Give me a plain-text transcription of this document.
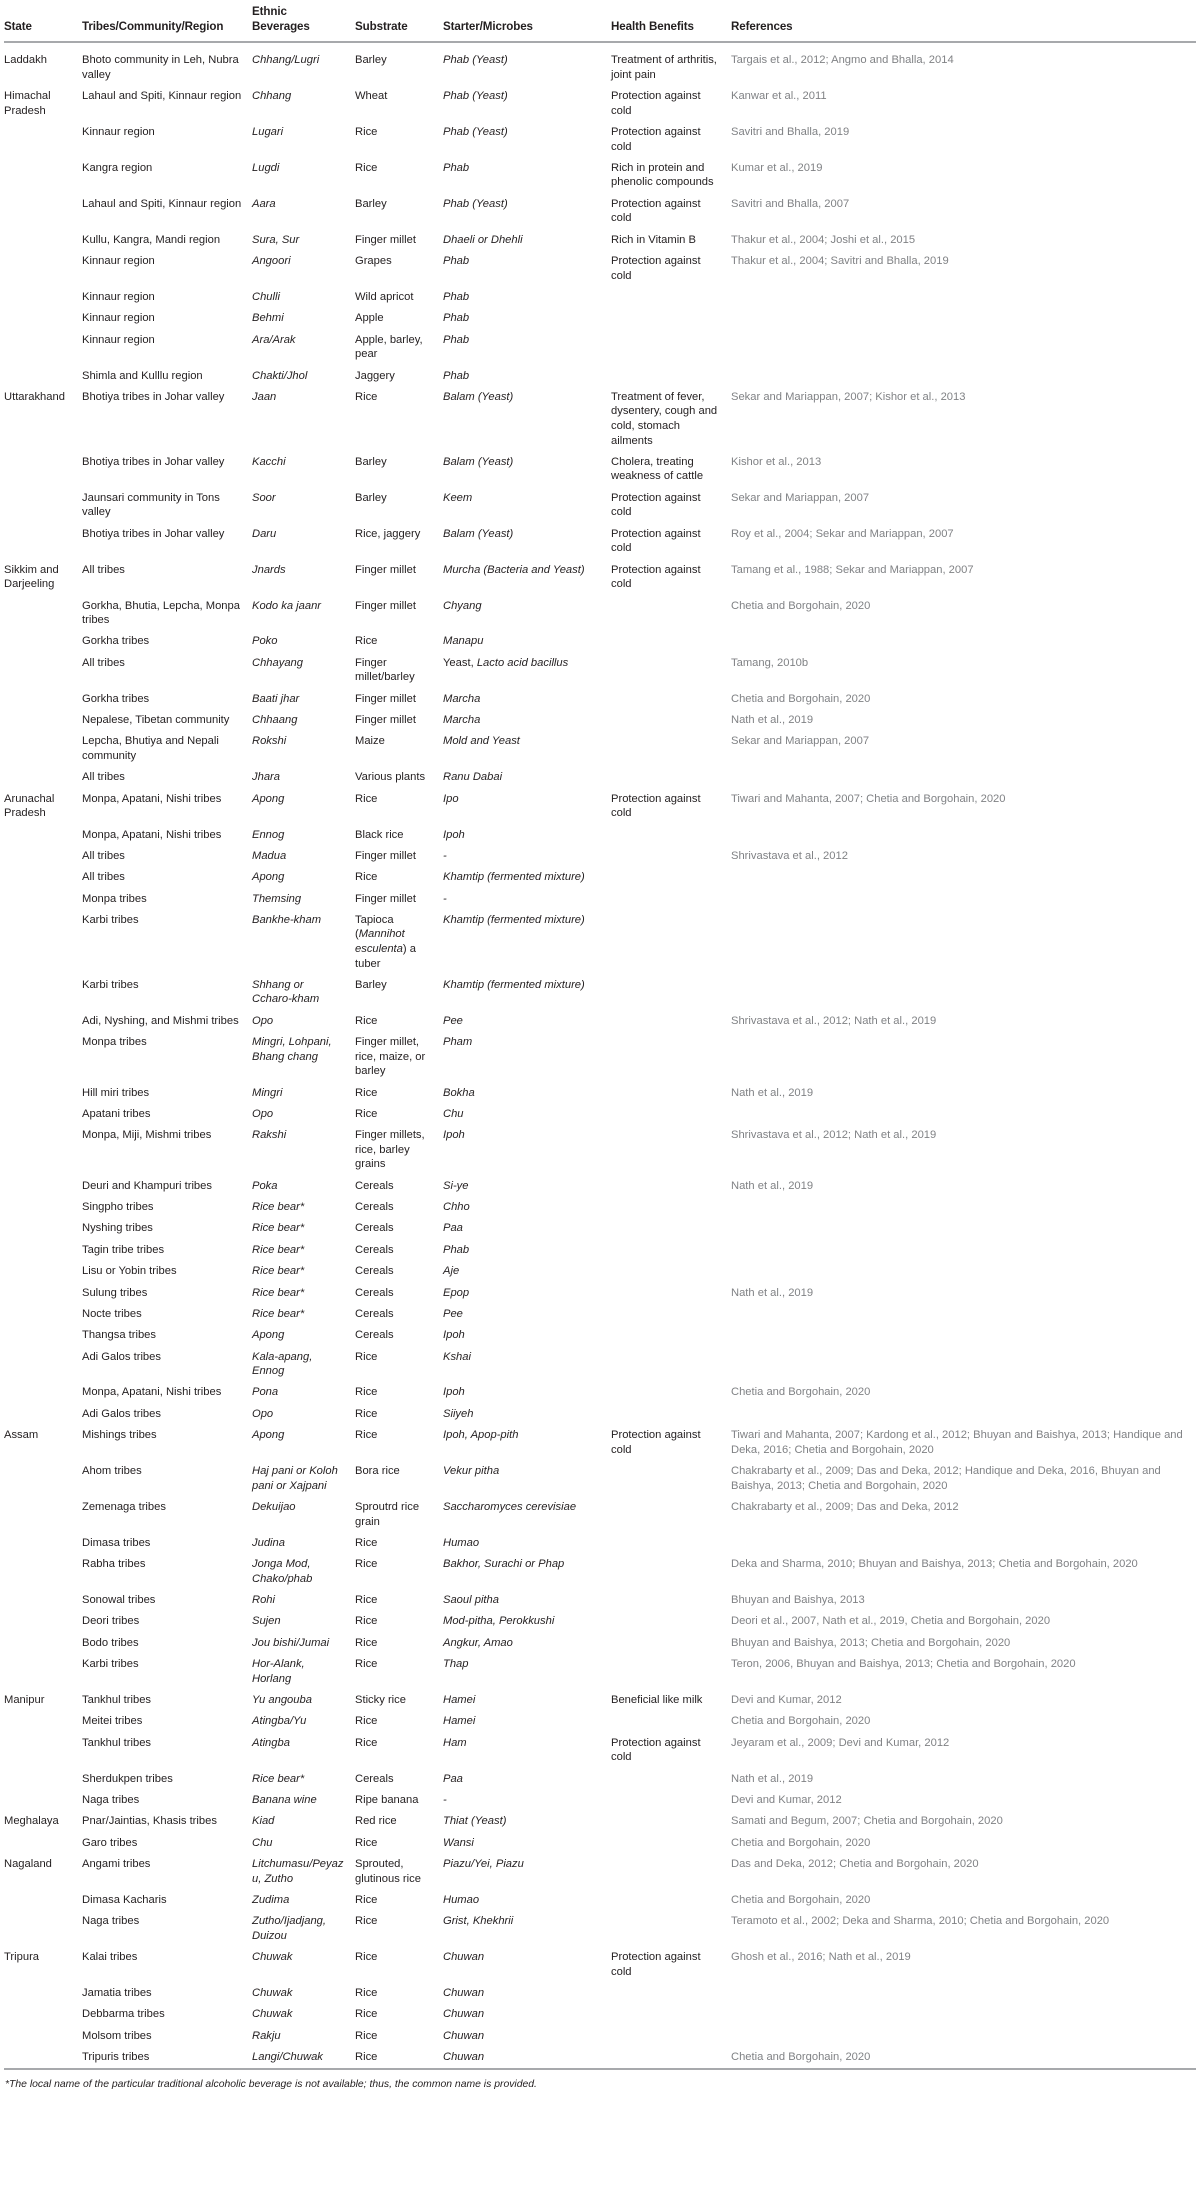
State	Tribes/Community/Region	Ethnic Beverages	Substrate	Starter/Microbes	Health Benefits	References
Laddakh	Bhoto community in Leh, Nubra valley	Chhang/Lugri	Barley	Phab (Yeast)	Treatment of arthritis, joint pain	Targais et al., 2012; Angmo and Bhalla, 2014
Himachal Pradesh	Lahaul and Spiti, Kinnaur region	Chhang	Wheat	Phab (Yeast)	Protection against cold	Kanwar et al., 2011
	Kinnaur region	Lugari	Rice	Phab (Yeast)	Protection against cold	Savitri and Bhalla, 2019
	Kangra region	Lugdi	Rice	Phab	Rich in protein and phenolic compounds	Kumar et al., 2019
	Lahaul and Spiti, Kinnaur region	Aara	Barley	Phab (Yeast)	Protection against cold	Savitri and Bhalla, 2007
	Kullu, Kangra, Mandi region	Sura, Sur	Finger millet	Dhaeli or Dhehli	Rich in Vitamin B	Thakur et al., 2004; Joshi et al., 2015
	Kinnaur region	Angoori	Grapes	Phab	Protection against cold	Thakur et al., 2004; Savitri and Bhalla, 2019
	Kinnaur region	Chulli	Wild apricot	Phab		
	Kinnaur region	Behmi	Apple	Phab		
	Kinnaur region	Ara/Arak	Apple, barley, pear	Phab		
	Shimla and Kulllu region	Chakti/Jhol	Jaggery	Phab		
Uttarakhand	Bhotiya tribes in Johar valley	Jaan	Rice	Balam (Yeast)	Treatment of fever, dysentery, cough and cold, stomach ailments	Sekar and Mariappan, 2007; Kishor et al., 2013
	Bhotiya tribes in Johar valley	Kacchi	Barley	Balam (Yeast)	Cholera, treating weakness of cattle	Kishor et al., 2013
	Jaunsari community in Tons valley	Soor	Barley	Keem	Protection against cold	Sekar and Mariappan, 2007
	Bhotiya tribes in Johar valley	Daru	Rice, jaggery	Balam (Yeast)	Protection against cold	Roy et al., 2004; Sekar and Mariappan, 2007
Sikkim and Darjeeling	All tribes	Jnards	Finger millet	Murcha (Bacteria and Yeast)	Protection against cold	Tamang et al., 1988; Sekar and Mariappan, 2007
	Gorkha, Bhutia, Lepcha, Monpa tribes	Kodo ka jaanr	Finger millet	Chyang		Chetia and Borgohain, 2020
	Gorkha tribes	Poko	Rice	Manapu		
	All tribes	Chhayang	Finger millet/barley	Yeast, Lacto acid bacillus		Tamang, 2010b
	Gorkha tribes	Baati jhar	Finger millet	Marcha		Chetia and Borgohain, 2020
	Nepalese, Tibetan community	Chhaang	Finger millet	Marcha		Nath et al., 2019
	Lepcha, Bhutiya and Nepali community	Rokshi	Maize	Mold and Yeast		Sekar and Mariappan, 2007
	All tribes	Jhara	Various plants	Ranu Dabai		
Arunachal Pradesh	Monpa, Apatani, Nishi tribes	Apong	Rice	Ipo	Protection against cold	Tiwari and Mahanta, 2007; Chetia and Borgohain, 2020
	Monpa, Apatani, Nishi tribes	Ennog	Black rice	Ipoh		
	All tribes	Madua	Finger millet	-		Shrivastava et al., 2012
	All tribes	Apong	Rice	Khamtip (fermented mixture)		
	Monpa tribes	Themsing	Finger millet	-		
	Karbi tribes	Bankhe-kham	Tapioca (Mannihot esculenta) a tuber	Khamtip (fermented mixture)		
	Karbi tribes	Shhang or Ccharo-kham	Barley	Khamtip (fermented mixture)		
	Adi, Nyshing, and Mishmi tribes	Opo	Rice	Pee		Shrivastava et al., 2012; Nath et al., 2019
	Monpa tribes	Mingri, Lohpani, Bhang chang	Finger millet, rice, maize, or barley	Pham		
	Hill miri tribes	Mingri	Rice	Bokha		Nath et al., 2019
	Apatani tribes	Opo	Rice	Chu		
	Monpa, Miji, Mishmi tribes	Rakshi	Finger millets, rice, barley grains	Ipoh		Shrivastava et al., 2012; Nath et al., 2019
	Deuri and Khampuri tribes	Poka	Cereals	Si-ye		Nath et al., 2019
	Singpho tribes	Rice bear*	Cereals	Chho		
	Nyshing tribes	Rice bear*	Cereals	Paa		
	Tagin tribe tribes	Rice bear*	Cereals	Phab		
	Lisu or Yobin tribes	Rice bear*	Cereals	Aje		
	Sulung tribes	Rice bear*	Cereals	Epop		Nath et al., 2019
	Nocte tribes	Rice bear*	Cereals	Pee		
	Thangsa tribes	Apong	Cereals	Ipoh		
	Adi Galos tribes	Kala-apang, Ennog	Rice	Kshai		
	Monpa, Apatani, Nishi tribes	Pona	Rice	Ipoh		Chetia and Borgohain, 2020
	Adi Galos tribes	Opo	Rice	Siiyeh		
Assam	Mishings tribes	Apong	Rice	Ipoh, Apop-pith	Protection against cold	Tiwari and Mahanta, 2007; Kardong et al., 2012; Bhuyan and Baishya, 2013; Handique and Deka, 2016; Chetia and Borgohain, 2020
	Ahom tribes	Haj pani or Koloh pani or Xajpani	Bora rice	Vekur pitha		Chakrabarty et al., 2009; Das and Deka, 2012; Handique and Deka, 2016, Bhuyan and Baishya, 2013; Chetia and Borgohain, 2020
	Zemenaga tribes	Dekuijao	Sproutrd rice grain	Saccharomyces cerevisiae		Chakrabarty et al., 2009; Das and Deka, 2012
	Dimasa tribes	Judina	Rice	Humao		
	Rabha tribes	Jonga Mod, Chako/phab	Rice	Bakhor, Surachi or Phap		Deka and Sharma, 2010; Bhuyan and Baishya, 2013; Chetia and Borgohain, 2020
	Sonowal tribes	Rohi	Rice	Saoul pitha		Bhuyan and Baishya, 2013
	Deori tribes	Sujen	Rice	Mod-pitha, Perokkushi		Deori et al., 2007, Nath et al., 2019, Chetia and Borgohain, 2020
	Bodo tribes	Jou bishi/Jumai	Rice	Angkur, Amao		Bhuyan and Baishya, 2013; Chetia and Borgohain, 2020
	Karbi tribes	Hor-Alank, Horlang	Rice	Thap		Teron, 2006, Bhuyan and Baishya, 2013; Chetia and Borgohain, 2020
Manipur	Tankhul tribes	Yu angouba	Sticky rice	Hamei	Beneficial like milk	Devi and Kumar, 2012
	Meitei tribes	Atingba/Yu	Rice	Hamei		Chetia and Borgohain, 2020
	Tankhul tribes	Atingba	Rice	Ham	Protection against cold	Jeyaram et al., 2009; Devi and Kumar, 2012
	Sherdukpen tribes	Rice bear*	Cereals	Paa		Nath et al., 2019
	Naga tribes	Banana wine	Ripe banana	-		Devi and Kumar, 2012
Meghalaya	Pnar/Jaintias, Khasis tribes	Kiad	Red rice	Thiat (Yeast)		Samati and Begum, 2007; Chetia and Borgohain, 2020
	Garo tribes	Chu	Rice	Wansi		Chetia and Borgohain, 2020
Nagaland	Angami tribes	Litchumasu/Peyazu, Zutho	Sprouted, glutinous rice	Piazu/Yei, Piazu		Das and Deka, 2012; Chetia and Borgohain, 2020
	Dimasa Kacharis	Zudima	Rice	Humao		Chetia and Borgohain, 2020
	Naga tribes	Zutho/Ijadjang, Duizou	Rice	Grist, Khekhrii		Teramoto et al., 2002; Deka and Sharma, 2010; Chetia and Borgohain, 2020
Tripura	Kalai tribes	Chuwak	Rice	Chuwan	Protection against cold	Ghosh et al., 2016; Nath et al., 2019
	Jamatia tribes	Chuwak	Rice	Chuwan		
	Debbarma tribes	Chuwak	Rice	Chuwan		
	Molsom tribes	Rakju	Rice	Chuwan		
	Tripuris tribes	Langi/Chuwak	Rice	Chuwan		Chetia and Borgohain, 2020
*The local name of the particular traditional alcoholic beverage is not available; thus, the common name is provided.						
